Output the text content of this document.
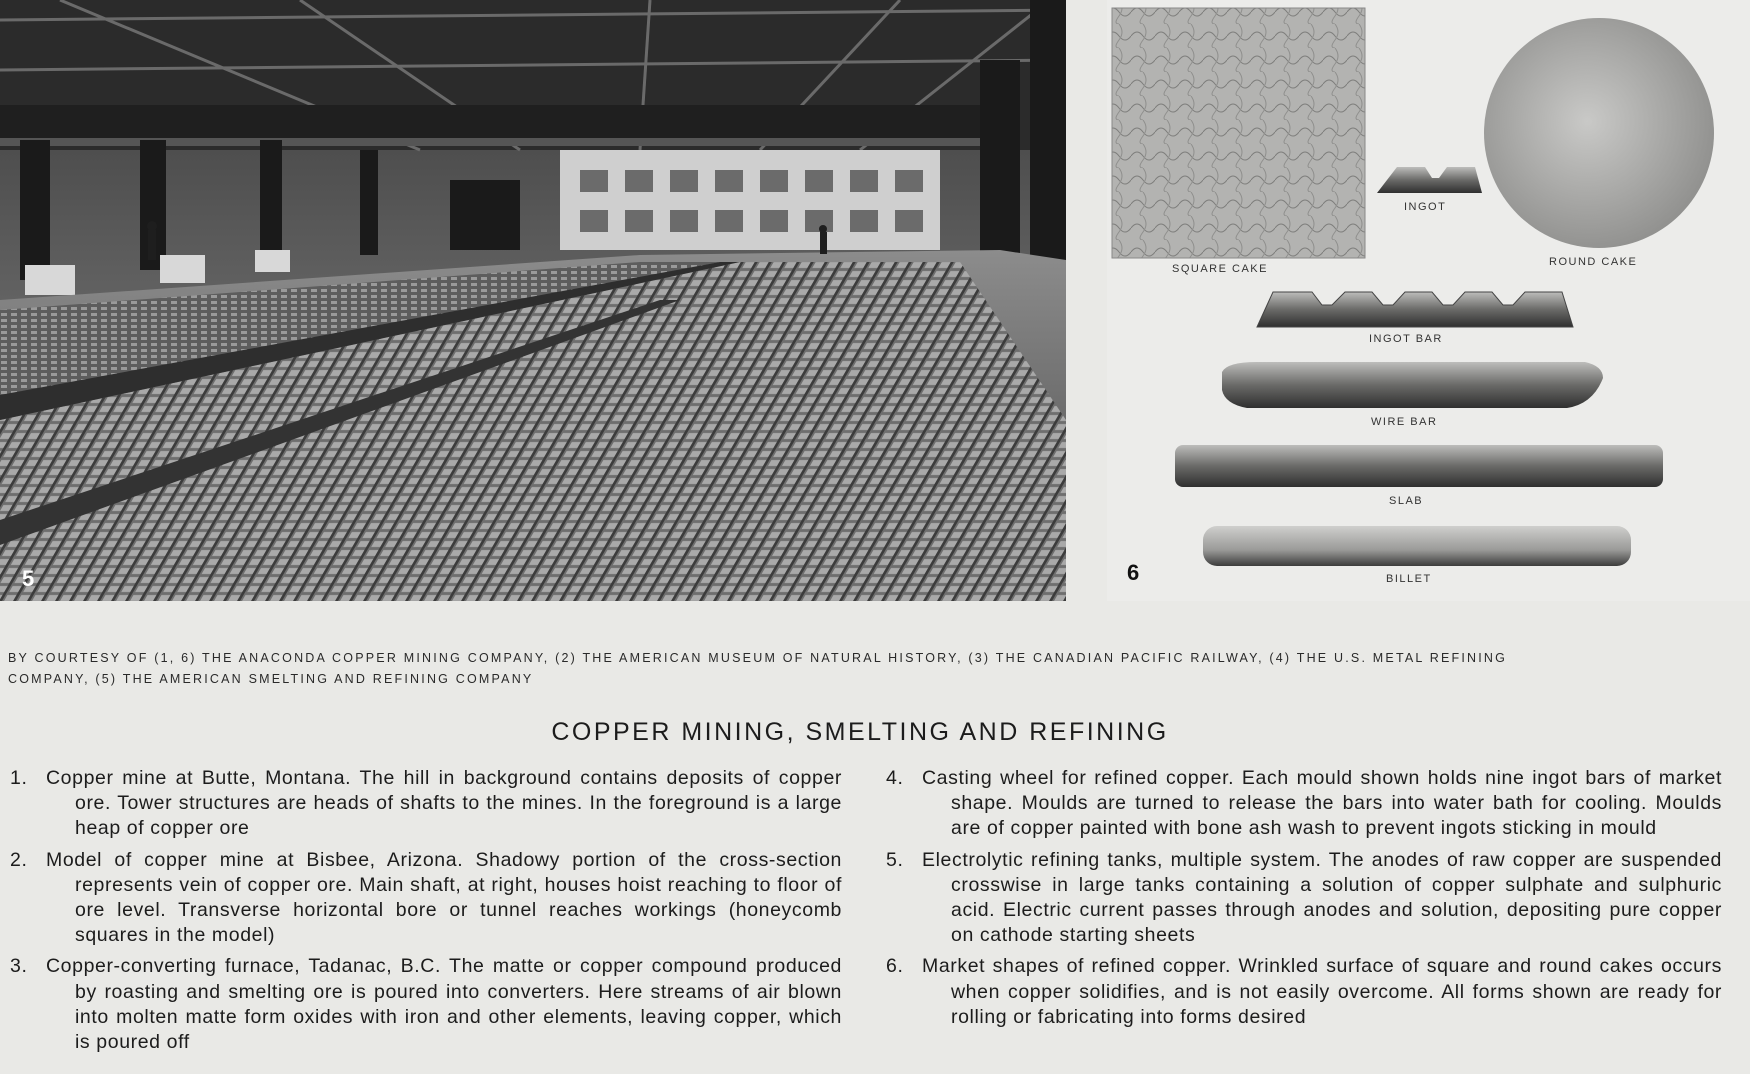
5
SQUARE CAKE
INGOT
ROUND CAKE
INGOT BAR
WIRE BAR
SLAB
BILLET
6
BY COURTESY OF (1, 6) THE ANACONDA COPPER MINING COMPANY, (2) THE AMERICAN MUSEUM OF NATURAL HISTORY, (3) THE CANADIAN PACIFIC RAILWAY, (4) THE U.S. METAL REFINING
COMPANY, (5) THE AMERICAN SMELTING AND REFINING COMPANY
COPPER MINING, SMELTING AND REFINING
1. Copper mine at Butte, Montana. The hill in background contains deposits of copper ore. Tower structures are heads of shafts to the mines. In the foreground is a large heap of copper ore
2. Model of copper mine at Bisbee, Arizona. Shadowy portion of the cross-section represents vein of copper ore. Main shaft, at right, houses hoist reaching to floor of ore level. Transverse horizontal bore or tunnel reaches workings (honeycomb squares in the model)
3. Copper-converting furnace, Tadanac, B.C. The matte or copper compound produced by roasting and smelting ore is poured into converters. Here streams of air blown into molten matte form oxides with iron and other elements, leaving copper, which is poured off
4. Casting wheel for refined copper. Each mould shown holds nine ingot bars of market shape. Moulds are turned to release the bars into water bath for cooling. Moulds are of copper painted with bone ash wash to prevent ingots sticking in mould
5. Electrolytic refining tanks, multiple system. The anodes of raw copper are suspended crosswise in large tanks containing a solution of copper sulphate and sulphuric acid. Electric current passes through anodes and solution, depositing pure copper on cathode starting sheets
6. Market shapes of refined copper. Wrinkled surface of square and round cakes occurs when copper solidifies, and is not easily overcome. All forms shown are ready for rolling or fabricating into forms desired
